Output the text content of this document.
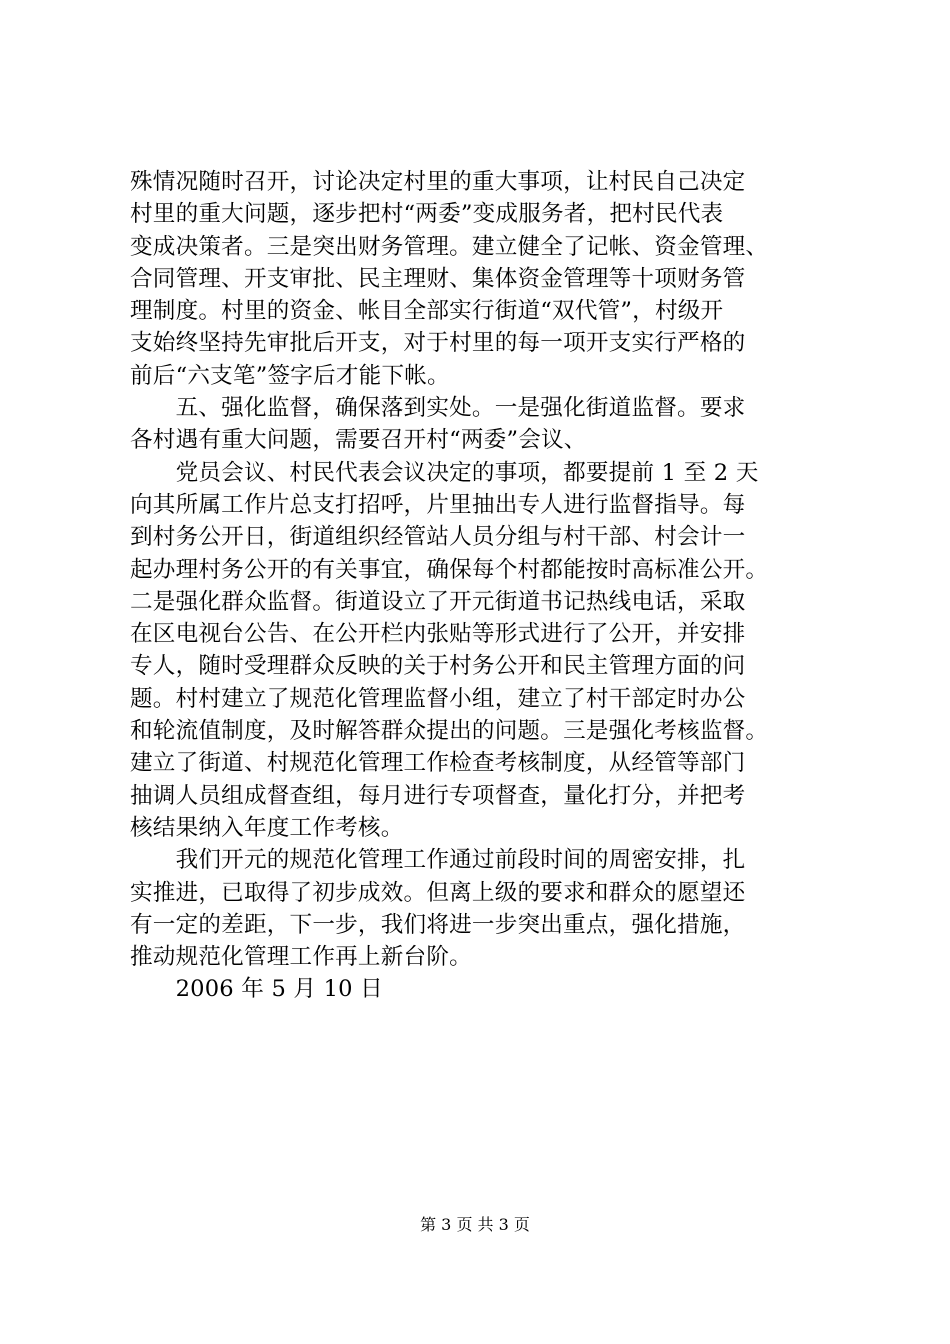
殊情况随时召开，讨论决定村里的重大事项，让村民自己决定
村里的重大问题，逐步把村“两委”变成服务者，把村民代表
变成决策者。三是突出财务管理。建立健全了记帐、资金管理、
合同管理、开支审批、民主理财、集体资金管理等十项财务管
理制度。村里的资金、帐目全部实行街道“双代管”，村级开
支始终坚持先审批后开支，对于村里的每一项开支实行严格的
前后“六支笔”签字后才能下帐。
　　五、强化监督，确保落到实处。一是强化街道监督。要求
各村遇有重大问题，需要召开村“两委”会议、
　　党员会议、村民代表会议决定的事项，都要提前 1 至 2 天
向其所属工作片总支打招呼，片里抽出专人进行监督指导。每
到村务公开日，街道组织经管站人员分组与村干部、村会计一
起办理村务公开的有关事宜，确保每个村都能按时高标准公开。
二是强化群众监督。街道设立了开元街道书记热线电话，采取
在区电视台公告、在公开栏内张贴等形式进行了公开，并安排
专人，随时受理群众反映的关于村务公开和民主管理方面的问
题。村村建立了规范化管理监督小组，建立了村干部定时办公
和轮流值制度，及时解答群众提出的问题。三是强化考核监督。
建立了街道、村规范化管理工作检查考核制度，从经管等部门
抽调人员组成督查组，每月进行专项督查，量化打分，并把考
核结果纳入年度工作考核。
　　我们开元的规范化管理工作通过前段时间的周密安排，扎
实推进，已取得了初步成效。但离上级的要求和群众的愿望还
有一定的差距，下一步，我们将进一步突出重点，强化措施，
推动规范化管理工作再上新台阶。
　　2006 年 5 月 10 日
第 3 页 共 3 页
